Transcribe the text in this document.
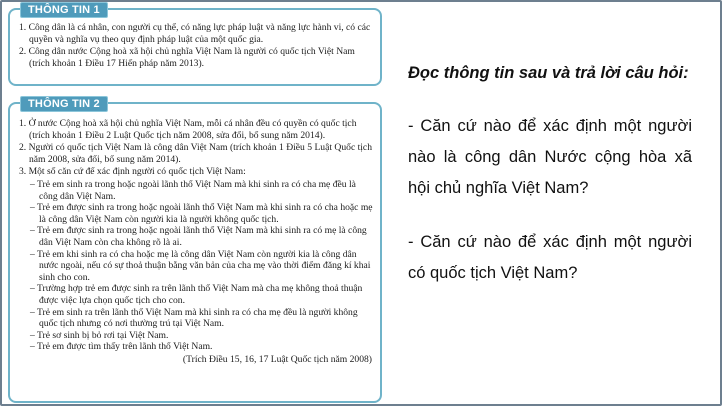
THÔNG TIN 1

1. Công dân là cá nhân, con người cụ thể, có năng lực pháp luật và năng lực hành vi, có các quyền và nghĩa vụ theo quy định pháp luật của một quốc gia.

2. Công dân nước Cộng hoà xã hội chủ nghĩa Việt Nam là người có quốc tịch Việt Nam (trích khoản 1 Điều 17 Hiến pháp năm 2013).

THÔNG TIN 2

1. Ở nước Cộng hoà xã hội chủ nghĩa Việt Nam, mỗi cá nhân đều có quyền có quốc tịch (trích khoản 1 Điều 2 Luật Quốc tịch năm 2008, sửa đổi, bổ sung năm 2014).

2. Người có quốc tịch Việt Nam là công dân Việt Nam (trích khoản 1 Điều 5 Luật Quốc tịch năm 2008, sửa đổi, bổ sung năm 2014).

3. Một số căn cứ để xác định người có quốc tịch Việt Nam:

– Trẻ em sinh ra trong hoặc ngoài lãnh thổ Việt Nam mà khi sinh ra có cha mẹ đều là công dân Việt Nam.

– Trẻ em được sinh ra trong hoặc ngoài lãnh thổ Việt Nam mà khi sinh ra có cha hoặc mẹ là công dân Việt Nam còn người kia là người không quốc tịch.

– Trẻ em được sinh ra trong hoặc ngoài lãnh thổ Việt Nam mà khi sinh ra có mẹ là công dân Việt Nam còn cha không rõ là ai.

– Trẻ em khi sinh ra có cha hoặc mẹ là công dân Việt Nam còn người kia là công dân nước ngoài, nếu có sự thoả thuận bằng văn bản của cha mẹ vào thời điểm đăng kí khai sinh cho con.

– Trường hợp trẻ em được sinh ra trên lãnh thổ Việt Nam mà cha mẹ không thoả thuận được việc lựa chọn quốc tịch cho con.

– Trẻ em sinh ra trên lãnh thổ Việt Nam mà khi sinh ra có cha mẹ đều là người không quốc tịch nhưng có nơi thường trú tại Việt Nam.

– Trẻ sơ sinh bị bỏ rơi tại Việt Nam.

– Trẻ em được tìm thấy trên lãnh thổ Việt Nam.

(Trích Điều 15, 16, 17 Luật Quốc tịch năm 2008)

Đọc thông tin sau và trả lời câu hỏi:

- Căn cứ nào để xác định một người nào là công dân Nước cộng hòa xã hội chủ nghĩa Việt Nam?

- Căn cứ nào để xác định một người có quốc tịch Việt Nam?
